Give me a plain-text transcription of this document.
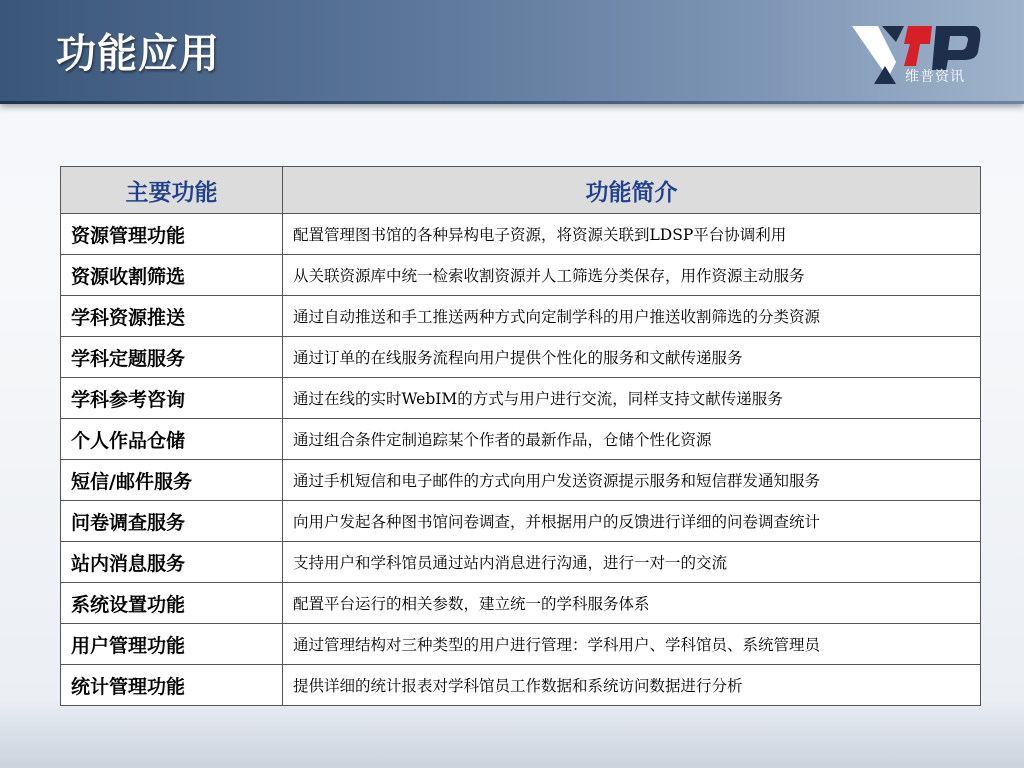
功能应用	维普资讯
主要功能	功能简介
资源管理功能	配置管理图书馆的各种异构电子资源，将资源关联到LDSP平台协调利用
资源收割筛选	从关联资源库中统一检索收割资源并人工筛选分类保存，用作资源主动服务
学科资源推送	通过自动推送和手工推送两种方式向定制学科的用户推送收割筛选的分类资源
学科定题服务	通过订单的在线服务流程向用户提供个性化的服务和文献传递服务
学科参考咨询	通过在线的实时WebIM的方式与用户进行交流，同样支持文献传递服务
个人作品仓储	通过组合条件定制追踪某个作者的最新作品，仓储个性化资源
短信/邮件服务	通过手机短信和电子邮件的方式向用户发送资源提示服务和短信群发通知服务
问卷调查服务	向用户发起各种图书馆问卷调查，并根据用户的反馈进行详细的问卷调查统计
站内消息服务	支持用户和学科馆员通过站内消息进行沟通，进行一对一的交流
系统设置功能	配置平台运行的相关参数，建立统一的学科服务体系
用户管理功能	通过管理结构对三种类型的用户进行管理：学科用户、学科馆员、系统管理员
统计管理功能	提供详细的统计报表对学科馆员工作数据和系统访问数据进行分析
